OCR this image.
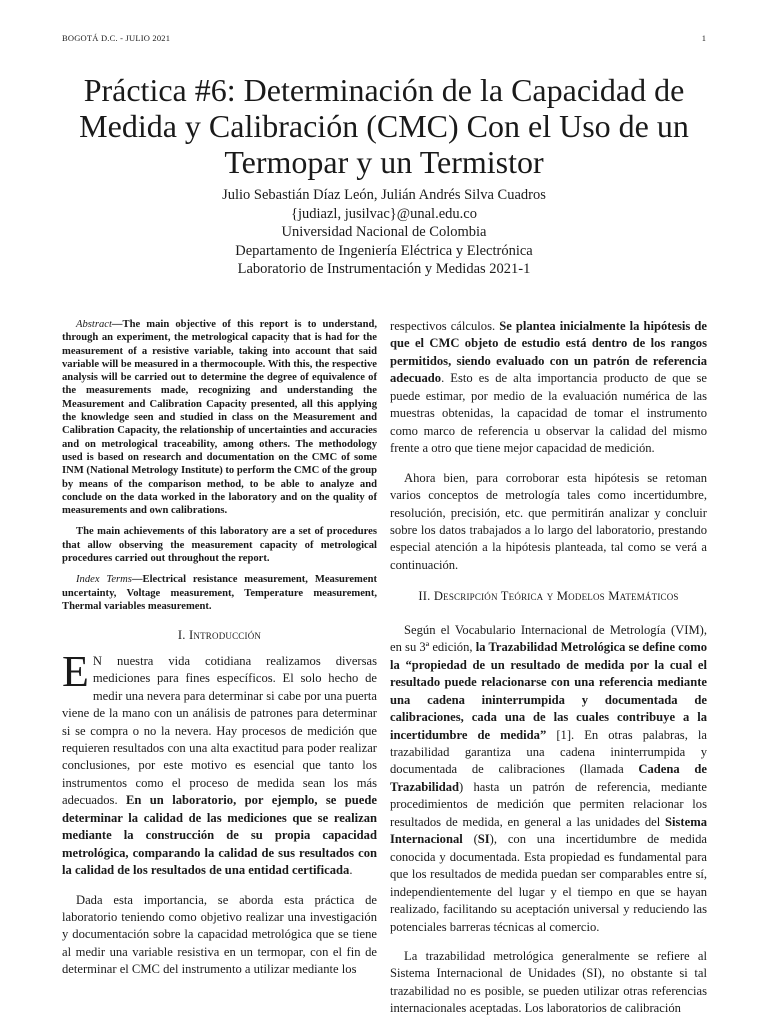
BOGOTÁ D.C. - JULIO 2021	1
Práctica #6: Determinación de la Capacidad de
Medida y Calibración (CMC) Con el Uso de un
Termopar y un Termistor
Julio Sebastián Díaz León, Julián Andrés Silva Cuadros
{judiazl, jusilvac}@unal.edu.co
Universidad Nacional de Colombia
Departamento de Ingeniería Eléctrica y Electrónica
Laboratorio de Instrumentación y Medidas 2021-1

Abstract—The main objective of this report is to understand, through an experiment, the metrological capacity that is had for the measurement of a resistive variable, taking into account that said variable will be measured in a thermocouple. With this, the respective analysis will be carried out to determine the degree of equivalence of the measurements made, recognizing and understanding the Measurement and Calibration Capacity presented, all this applying the knowledge seen and studied in class on the Measurement and Calibration Capacity, the relationship of uncertainties and accuracies and on metrological traceability, among others. The methodology used is based on research and documentation on the CMC of some INM (National Metrology Institute) to perform the CMC of the group by means of the comparison method, to be able to analyze and conclude on the data worked in the laboratory and on the quality of measurements and own calibrations.

The main achievements of this laboratory are a set of procedures that allow observing the measurement capacity of metrological procedures carried out throughout the report.

Index Terms—Electrical resistance measurement, Measurement uncertainty, Voltage measurement, Temperature measurement, Thermal variables measurement.

I. Introducción

E N nuestra vida cotidiana realizamos diversas mediciones para fines específicos. El solo hecho de medir una nevera para determinar si cabe por una puerta viene de la mano con un análisis de patrones para determinar si se compra o no la nevera. Hay procesos de medición que requieren resultados con una alta exactitud para poder realizar conclusiones, por este motivo es esencial que tanto los instrumentos como el proceso de medida sean los más adecuados. En un laboratorio, por ejemplo, se puede determinar la calidad de las mediciones que se realizan mediante la construcción de su propia capacidad metrológica, comparando la calidad de sus resultados con la calidad de los resultados de una entidad certificada.

Dada esta importancia, se aborda esta práctica de laboratorio teniendo como objetivo realizar una investigación y documentación sobre la capacidad metrológica que se tiene al medir una variable resistiva en un termopar, con el fin de determinar el CMC del instrumento a utilizar mediante los

respectivos cálculos. Se plantea inicialmente la hipótesis de que el CMC objeto de estudio está dentro de los rangos permitidos, siendo evaluado con un patrón de referencia adecuado. Esto es de alta importancia producto de que se puede estimar, por medio de la evaluación numérica de las muestras obtenidas, la capacidad de tomar el instrumento como marco de referencia u observar la calidad del mismo frente a otro que tiene mejor capacidad de medición.

Ahora bien, para corroborar esta hipótesis se retoman varios conceptos de metrología tales como incertidumbre, resolución, precisión, etc. que permitirán analizar y concluir sobre los datos trabajados a lo largo del laboratorio, prestando especial atención a la hipótesis planteada, tal como se verá a continuación.

II. Descripción Teórica y Modelos Matemáticos

Según el Vocabulario Internacional de Metrología (VIM), en su 3ª edición, la Trazabilidad Metrológica se define como la “propiedad de un resultado de medida por la cual el resultado puede relacionarse con una referencia mediante una cadena ininterrumpida y documentada de calibraciones, cada una de las cuales contribuye a la incertidumbre de medida” [1]. En otras palabras, la trazabilidad garantiza una cadena ininterrumpida y documentada de calibraciones (llamada Cadena de Trazabilidad) hasta un patrón de referencia, mediante procedimientos de medición que permiten relacionar los resultados de medida, en general a las unidades del Sistema Internacional (SI), con una incertidumbre de medida conocida y documentada. Esta propiedad es fundamental para que los resultados de medida puedan ser comparables entre sí, independientemente del lugar y el tiempo en que se hayan realizado, facilitando su aceptación universal y reduciendo las potenciales barreras técnicas al comercio.

La trazabilidad metrológica generalmente se refiere al Sistema Internacional de Unidades (SI), no obstante si tal trazabilidad no es posible, se pueden utilizar otras referencias internacionales aceptadas. Los laboratorios de calibración
